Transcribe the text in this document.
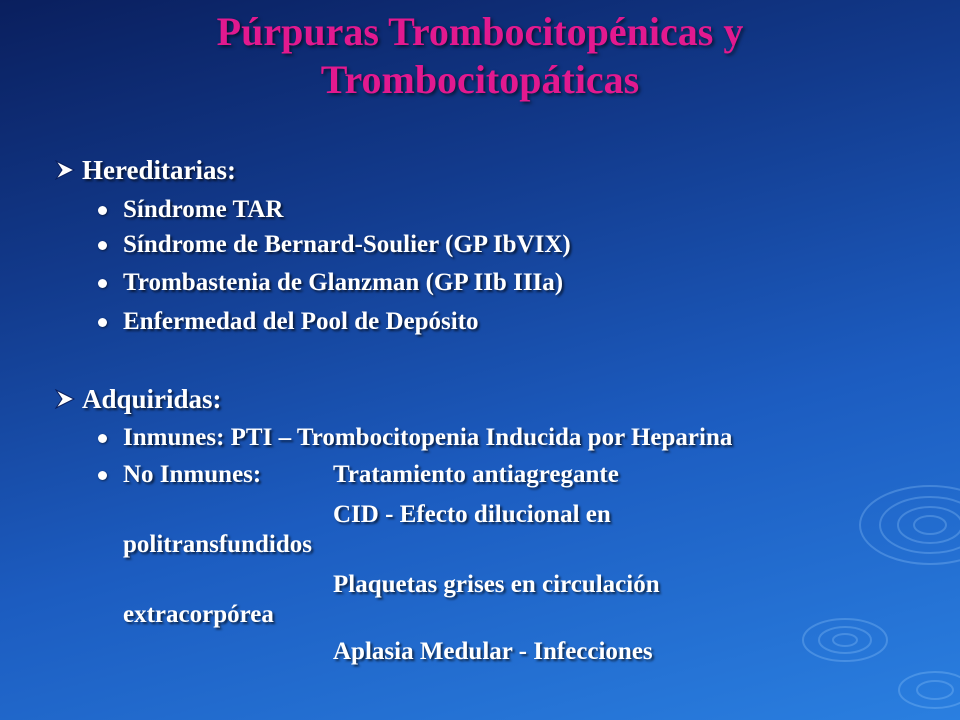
Púrpuras Trombocitopénicas y
Trombocitopáticas
Hereditarias:
Síndrome TAR
Síndrome de Bernard-Soulier (GP IbVIX)
Trombastenia de Glanzman (GP IIb IIIa)
Enfermedad del Pool de Depósito
Adquiridas:
Inmunes: PTI – Trombocitopenia Inducida por Heparina
No Inmunes:	Tratamiento antiagregante
CID - Efecto dilucional en
politransfundidos
Plaquetas grises en circulación
extracorpórea
Aplasia Medular - Infecciones
